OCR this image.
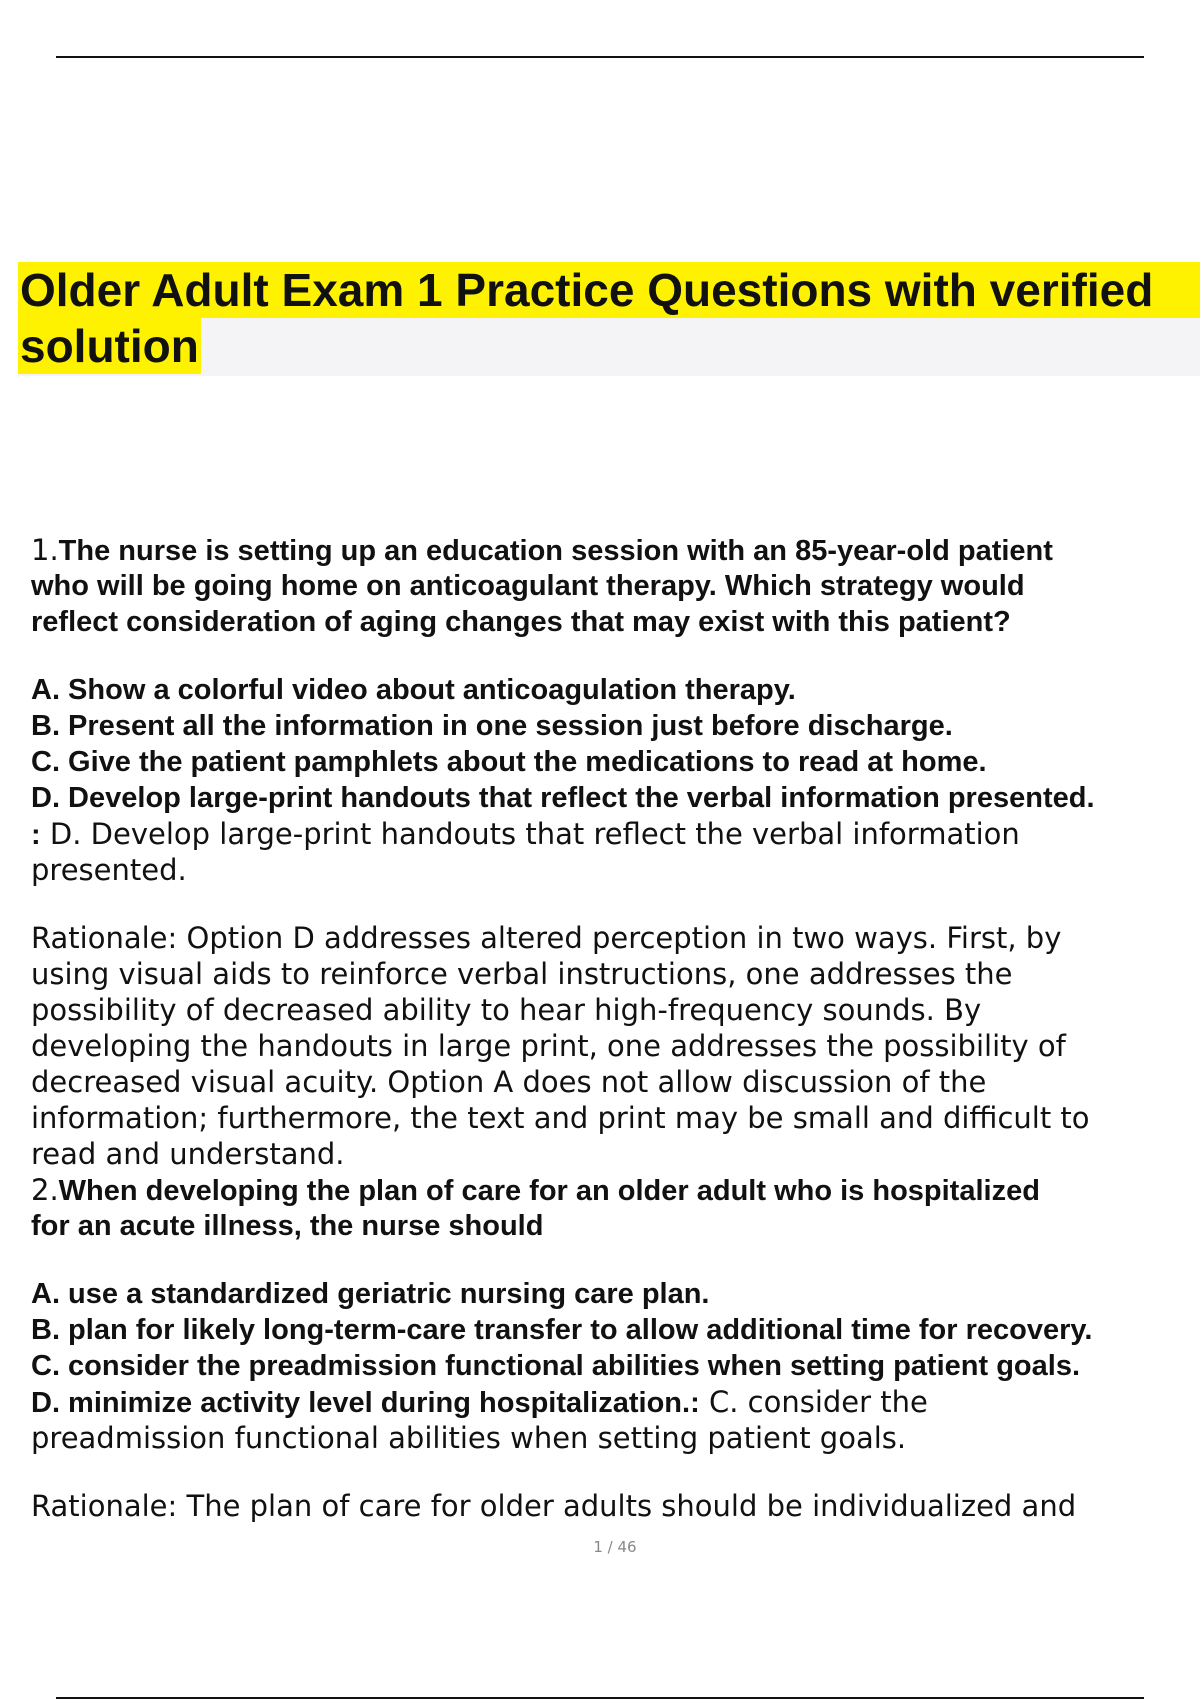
Older Adult Exam 1 Practice Questions with verified
solution
1.The nurse is setting up an education session with an 85-year-old patient
who will be going home on anticoagulant therapy. Which strategy would
reflect consideration of aging changes that may exist with this patient?
A. Show a colorful video about anticoagulation therapy.
B. Present all the information in one session just before discharge.
C. Give the patient pamphlets about the medications to read at home.
D. Develop large-print handouts that reflect the verbal information presented.
: D. Develop large-print handouts that reflect the verbal information
presented.
Rationale: Option D addresses altered perception in two ways. First, by
using visual aids to reinforce verbal instructions, one addresses the
possibility of decreased ability to hear high-frequency sounds. By
developing the handouts in large print, one addresses the possibility of
decreased visual acuity. Option A does not allow discussion of the
information; furthermore, the text and print may be small and difficult to
read and understand.
2.When developing the plan of care for an older adult who is hospitalized
for an acute illness, the nurse should
A. use a standardized geriatric nursing care plan.
B. plan for likely long-term-care transfer to allow additional time for recovery.
C. consider the preadmission functional abilities when setting patient goals.
D. minimize activity level during hospitalization.: C. consider the
preadmission functional abilities when setting patient goals.
Rationale: The plan of care for older adults should be individualized and
1 / 46
